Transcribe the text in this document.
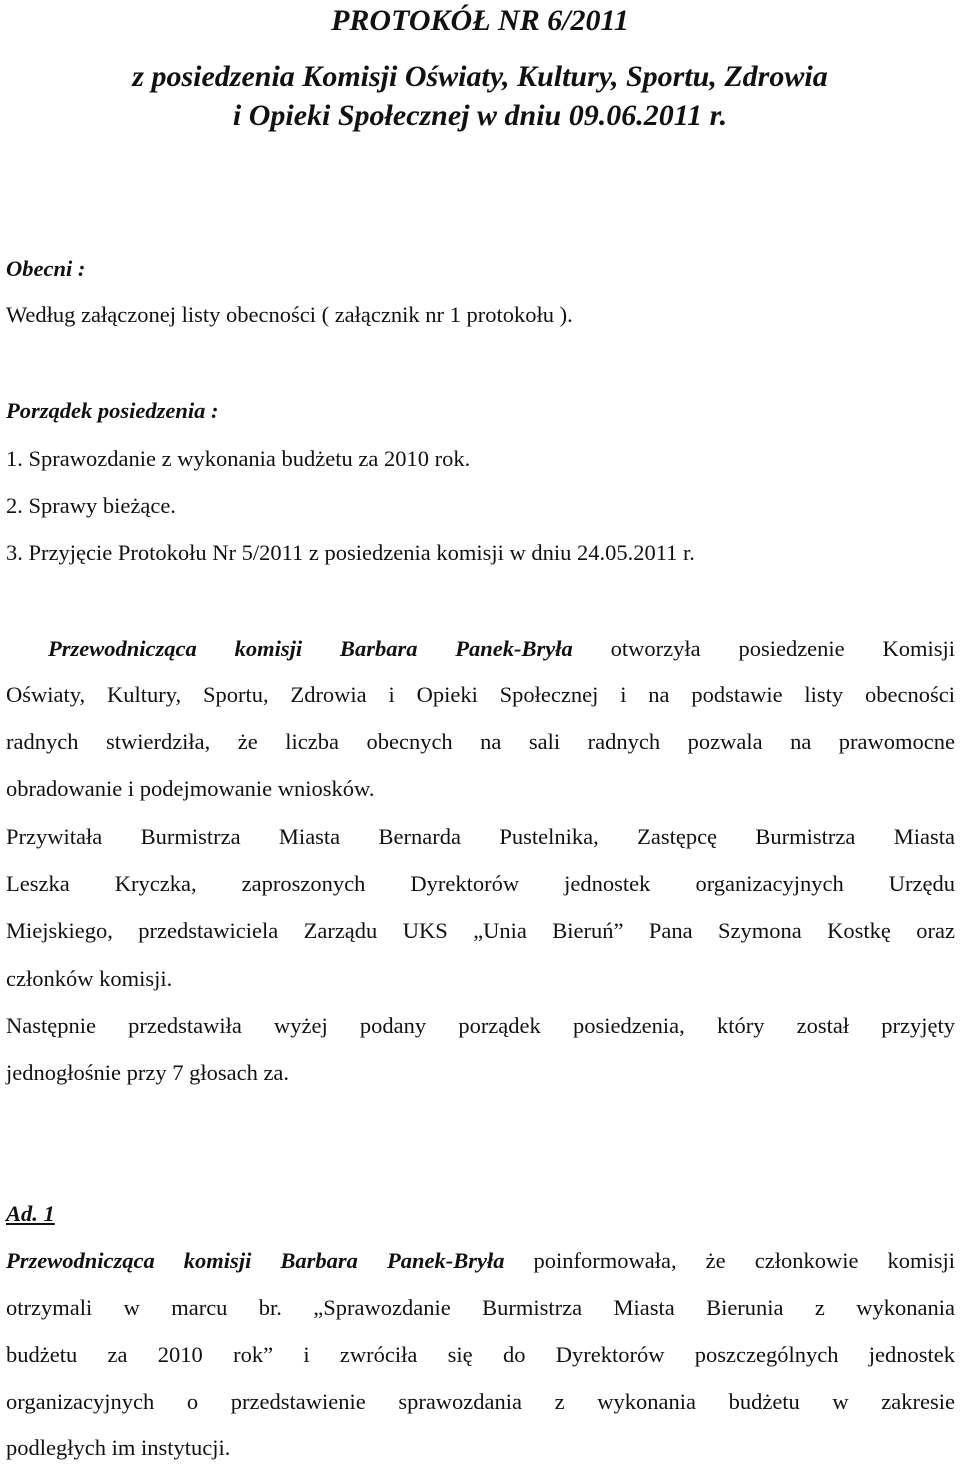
PROTOKÓŁ NR 6/2011
z posiedzenia Komisji Oświaty, Kultury, Sportu, Zdrowia
i Opieki Społecznej w dniu 09.06.2011 r.
Obecni :
Według załączonej listy obecności ( załącznik nr 1 protokołu ).
Porządek posiedzenia :
1. Sprawozdanie z wykonania budżetu za 2010 rok.
2. Sprawy bieżące.
3. Przyjęcie Protokołu Nr 5/2011 z posiedzenia komisji w dniu 24.05.2011 r.
Przewodnicząca komisji Barbara Panek-Bryła otworzyła posiedzenie Komisji
Oświaty, Kultury, Sportu, Zdrowia i Opieki Społecznej i na podstawie listy obecności
radnych stwierdziła, że liczba obecnych na sali radnych pozwala na prawomocne
obradowanie i podejmowanie wniosków.
Przywitała Burmistrza Miasta Bernarda Pustelnika, Zastępcę Burmistrza Miasta
Leszka Kryczka, zaproszonych Dyrektorów jednostek organizacyjnych Urzędu
Miejskiego, przedstawiciela Zarządu UKS „Unia Bieruń” Pana Szymona Kostkę oraz
członków komisji.
Następnie przedstawiła wyżej podany porządek posiedzenia, który został przyjęty
jednogłośnie przy 7 głosach za.
Ad. 1
Przewodnicząca komisji Barbara Panek-Bryła poinformowała, że członkowie komisji
otrzymali w marcu br. „Sprawozdanie Burmistrza Miasta Bierunia z wykonania
budżetu za 2010 rok” i zwróciła się do Dyrektorów poszczególnych jednostek
organizacyjnych o przedstawienie sprawozdania z wykonania budżetu w zakresie
podległych im instytucji.
